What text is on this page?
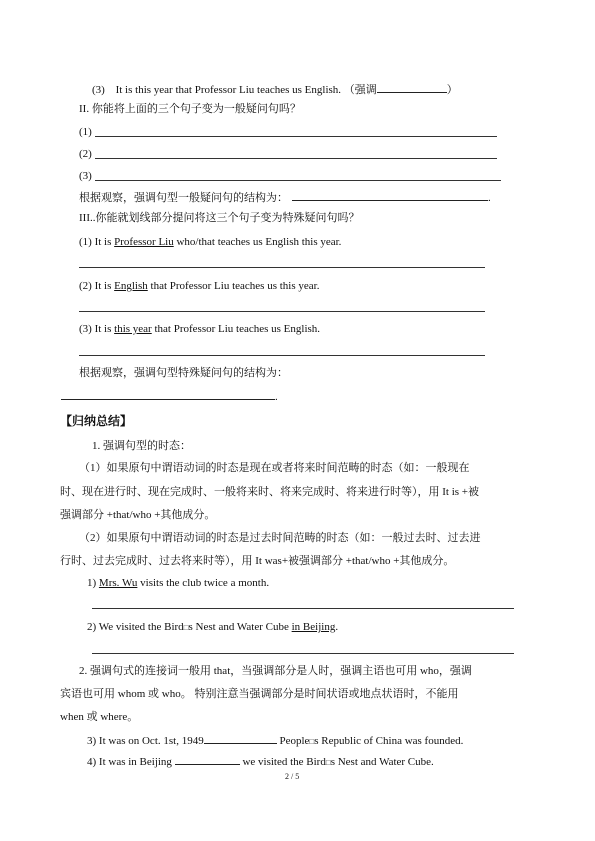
(3) It is this year that Professor Liu teaches us English. （强调	）
II. 你能将上面的三个句子变为一般疑问句吗？
(1)
(2)
(3)
根据观察，强调句型一般疑问句的结构为：	.
III..你能就划线部分提问将这三个句子变为特殊疑问句吗？
(1) It is Professor Liu who/that teaches us English this year.
(2) It is English that Professor Liu teaches us this year.
(3) It is this year that Professor Liu teaches us English.
根据观察，强调句型特殊疑问句的结构为：
.
【归纳总结】
1. 强调句型的时态：
（1）如果原句中谓语动词的时态是现在或者将来时间范畴的时态（如：一般现在
时、现在进行时、现在完成时、一般将来时、将来完成时、将来进行时等），用 It is +被
强调部分 +that/who +其他成分。
（2）如果原句中谓语动词的时态是过去时间范畴的时态（如：一般过去时、过去进
行时、过去完成时、过去将来时等），用 It was+被强调部分 +that/who +其他成分。
1) Mrs. Wu visits the club twice a month.
2) We visited the Bird□s Nest and Water Cube in Beijing.
2. 强调句式的连接词一般用 that，当强调部分是人时，强调主语也可用 who，强调
宾语也可用 whom 或 who。 特别注意当强调部分是时间状语或地点状语时，不能用
when 或 where。
3) It was on Oct. 1st, 1949	People□s Republic of China was founded.
4) It was in Beijing	we visited the Bird□s Nest and Water Cube.
2 / 5
